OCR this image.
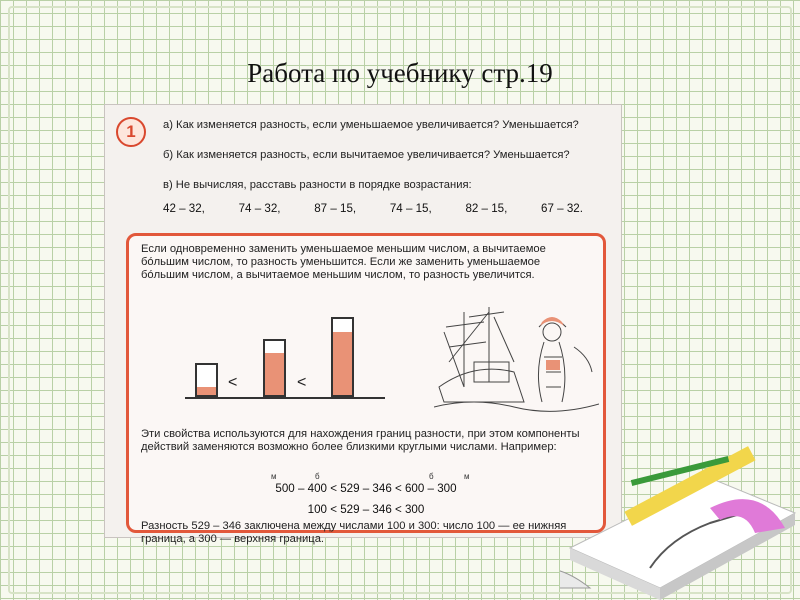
Работа по учебнику стр.19
1	а) Как изменяется разность, если уменьшаемое увеличивается? Уменьшается?
б) Как изменяется разность, если вычитаемое увеличивается? Уменьшается?
в) Не вычисляя, расставь разности в порядке возрастания:
42 – 32,	74 – 32,	87 – 15,	74 – 15,	82 – 15,	67 – 32.
Если одновременно заменить уменьшаемое меньшим числом, а вычитаемое бóльшим числом, то разность уменьшится. Если же заменить уменьшаемое бóльшим числом, а вычитаемое меньшим числом, то разность увеличится.
<	<
Эти свойства используются для нахождения границ разности, при этом компоненты действий заменяются возможно более близкими круглыми числами. Например:
м	б	б	м
500 – 400 < 529 – 346 < 600 – 300
100 < 529 – 346 < 300
Разность 529 – 346 заключена между числами 100 и 300: число 100 — ее нижняя граница, а 300 — верхняя граница.
